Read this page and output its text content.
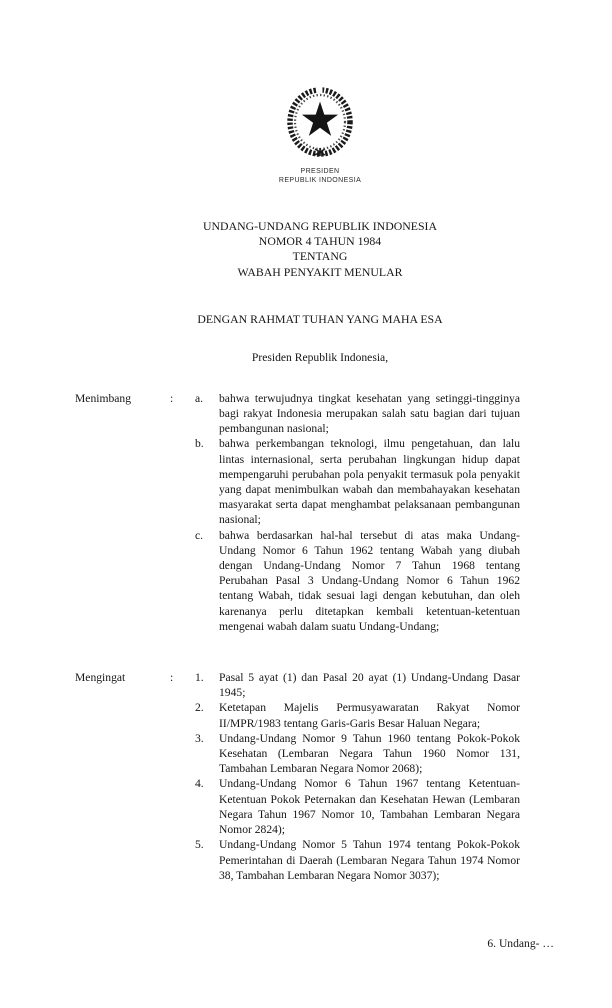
PRESIDEN
REPUBLIK INDONESIA
UNDANG-UNDANG REPUBLIK INDONESIA
NOMOR 4 TAHUN 1984
TENTANG
WABAH PENYAKIT MENULAR
DENGAN RAHMAT TUHAN YANG MAHA ESA
Presiden Republik Indonesia,
Menimbang	:	a.	bahwa terwujudnya tingkat kesehatan yang setinggi-tingginya bagi rakyat Indonesia merupakan salah satu bagian dari tujuan pembangunan nasional;
b.	bahwa perkembangan teknologi, ilmu pengetahuan, dan lalu lintas internasional, serta perubahan lingkungan hidup dapat mempengaruhi perubahan pola penyakit termasuk pola penyakit yang dapat menimbulkan wabah dan membahayakan kesehatan masyarakat serta dapat menghambat pelaksanaan pembangunan nasional;
c.	bahwa berdasarkan hal-hal tersebut di atas maka Undang-Undang Nomor 6 Tahun 1962 tentang Wabah yang diubah dengan Undang-Undang Nomor 7 Tahun 1968 tentang Perubahan Pasal 3 Undang-Undang Nomor 6 Tahun 1962 tentang Wabah, tidak sesuai lagi dengan kebutuhan, dan oleh karenanya perlu ditetapkan kembali ketentuan-ketentuan mengenai wabah dalam suatu Undang-Undang;
Mengingat	:	1.	Pasal 5 ayat (1) dan Pasal 20 ayat (1) Undang-Undang Dasar 1945;
2.	Ketetapan Majelis Permusyawaratan Rakyat Nomor II/MPR/1983 tentang Garis-Garis Besar Haluan Negara;
3.	Undang-Undang Nomor 9 Tahun 1960 tentang Pokok-Pokok Kesehatan (Lembaran Negara Tahun 1960 Nomor 131, Tambahan Lembaran Negara Nomor 2068);
4.	Undang-Undang Nomor 6 Tahun 1967 tentang Ketentuan-Ketentuan Pokok Peternakan dan Kesehatan Hewan (Lembaran Negara Tahun 1967 Nomor 10, Tambahan Lembaran Negara Nomor 2824);
5.	Undang-Undang Nomor 5 Tahun 1974 tentang Pokok-Pokok Pemerintahan di Daerah (Lembaran Negara Tahun 1974 Nomor 38, Tambahan Lembaran Negara Nomor 3037);
6. Undang- …
